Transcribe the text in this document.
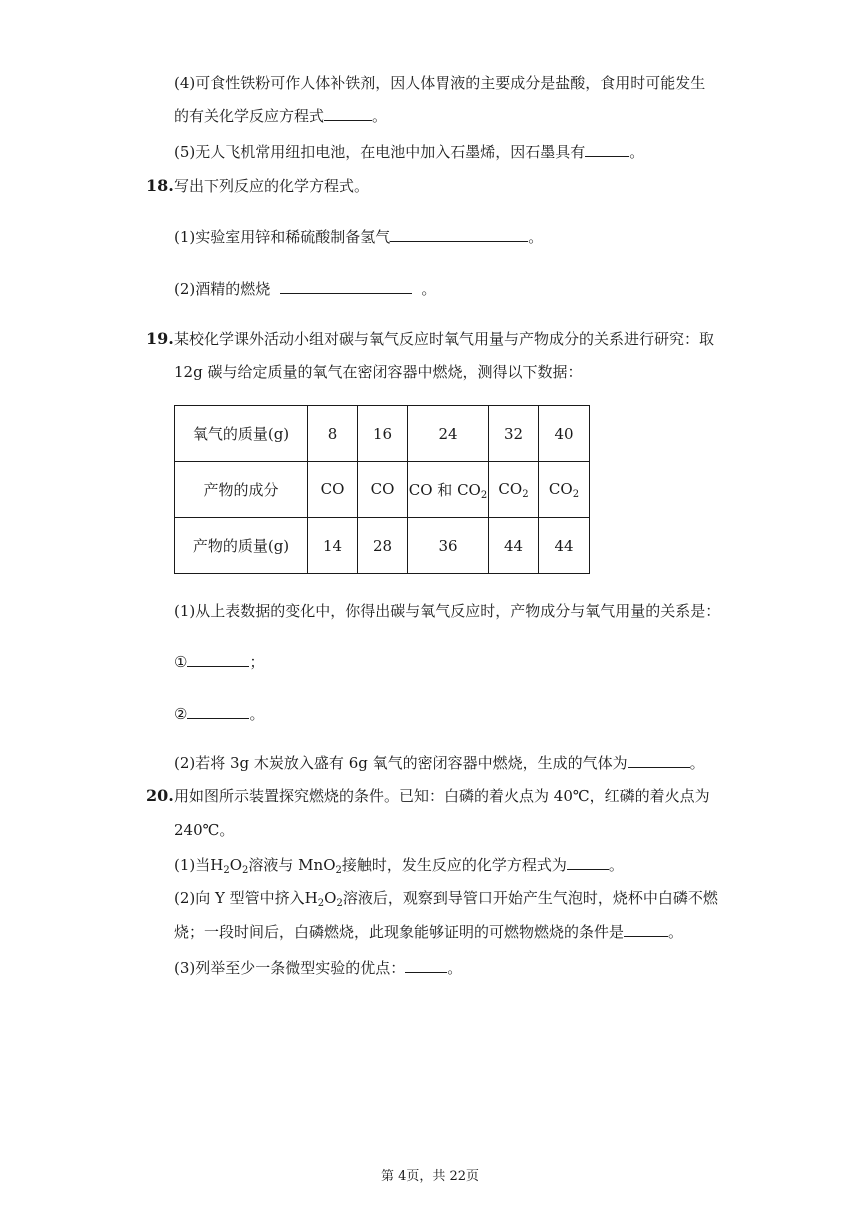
(4)可食性铁粉可作人体补铁剂，因人体胃液的主要成分是盐酸，食用时可能发生
的有关化学反应方程式	。
(5)无人飞机常用纽扣电池，在电池中加入石墨烯，因石墨具有	。
18. 写出下列反应的化学方程式。
(1)实验室用锌和稀硫酸制备氢气	。
(2)酒精的燃烧	。
19. 某校化学课外活动小组对碳与氧气反应时氧气用量与产物成分的关系进行研究：取
12g 碳与给定质量的氧气在密闭容器中燃烧，测得以下数据：
氧气的质量(g)	8	16	24	32	40
产物的成分	CO	CO	CO 和 $CO_2$	$CO_2$	$CO_2$
产物的质量(g)	14	28	36	44	44
(1)从上表数据的变化中，你得出碳与氧气反应时，产物成分与氧气用量的关系是：
①	；
②	。
(2)若将 3g 木炭放入盛有 6g 氧气的密闭容器中燃烧，生成的气体为	。
20. 用如图所示装置探究燃烧的条件。已知：白磷的着火点为 40℃，红磷的着火点为
240℃。
(1)当$H_2O_2$溶液与 MnO$_2$接触时，发生反应的化学方程式为	。
(2)向 Y 型管中挤入$H_2O_2$溶液后，观察到导管口开始产生气泡时，烧杯中白磷不燃
烧；一段时间后，白磷燃烧，此现象能够证明的可燃物燃烧的条件是	。
(3)列举至少一条微型实验的优点：	。
第 4页，共 22页
